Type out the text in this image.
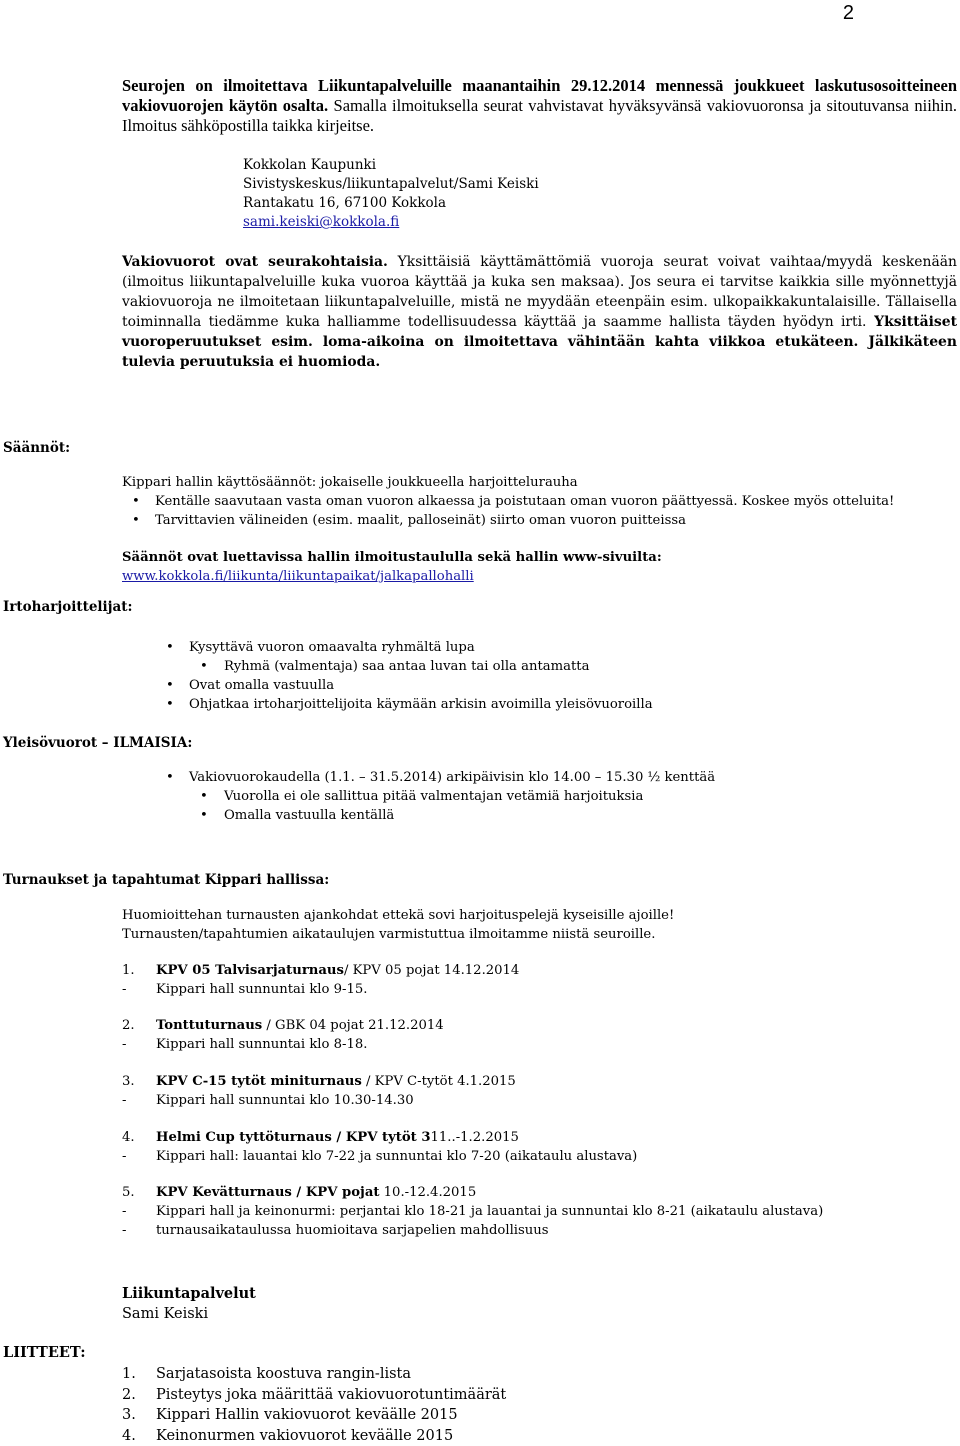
2

Seurojen on ilmoitettava Liikuntapalveluille maanantaihin 29.12.2014 mennessä joukkueet laskutusosoitteineen vakiovuorojen käytön osalta. Samalla ilmoituksella seurat vahvistavat hyväksyvänsä vakiovuoronsa ja sitoutuvansa niihin. Ilmoitus sähköpostilla taikka kirjeitse.

Kokkolan Kaupunki
Sivistyskeskus/liikuntapalvelut/Sami Keiski
Rantakatu 16, 67100 Kokkola
sami.keiski@kokkola.fi

Vakiovuorot ovat seurakohtaisia. Yksittäisiä käyttämättömiä vuoroja seurat voivat vaihtaa/myydä keskenään (ilmoitus liikuntapalveluille kuka vuoroa käyttää ja kuka sen maksaa). Jos seura ei tarvitse kaikkia sille myönnettyjä vakiovuoroja ne ilmoitetaan liikuntapalveluille, mistä ne myydään eteenpäin esim. ulkopaikkakuntalaisille. Tällaisella toiminnalla tiedämme kuka halliamme todellisuudessa käyttää ja saamme hallista täyden hyödyn irti. Yksittäiset vuoroperuutukset esim. loma-aikoina on ilmoitettava vähintään kahta viikkoa etukäteen. Jälkikäteen tulevia peruutuksia ei huomioda.

Säännöt:
Kippari hallin käyttösäännöt: jokaiselle joukkueella harjoittelurauha
• Kentälle saavutaan vasta oman vuoron alkaessa ja poistutaan oman vuoron päättyessä. Koskee myös otteluita!
• Tarvittavien välineiden (esim. maalit, palloseinät) siirto oman vuoron puitteissa
Säännöt ovat luettavissa hallin ilmoitustaululla sekä hallin www-sivuilta:
www.kokkola.fi/liikunta/liikuntapaikat/jalkapallohalli
Irtoharjoittelijat:
• Kysyttävä vuoron omaavalta ryhmältä lupa
• Ryhmä (valmentaja) saa antaa luvan tai olla antamatta
• Ovat omalla vastuulla
• Ohjatkaa irtoharjoittelijoita käymään arkisin avoimilla yleisövuoroilla
Yleisövuorot – ILMAISIA:
• Vakiovuorokaudella (1.1. – 31.5.2014) arkipäivisin klo 14.00 – 15.30 ½ kenttää
• Vuorolla ei ole sallittua pitää valmentajan vetämiä harjoituksia
• Omalla vastuulla kentällä
Turnaukset ja tapahtumat Kippari hallissa:
Huomioittehan turnausten ajankohdat ettekä sovi harjoituspelejä kyseisille ajoille!
Turnausten/tapahtumien aikataulujen varmistuttua ilmoitamme niistä seuroille.
1. KPV 05 Talvisarjaturnaus/ KPV 05 pojat 14.12.2014
- Kippari hall sunnuntai klo 9-15.
2. Tonttuturnaus / GBK 04 pojat 21.12.2014
- Kippari hall sunnuntai klo 8-18.
3. KPV C-15 tytöt miniturnaus / KPV C-tytöt 4.1.2015
- Kippari hall sunnuntai klo 10.30-14.30
4. Helmi Cup tyttöturnaus / KPV tytöt 311..-1.2.2015
- Kippari hall: lauantai klo 7-22 ja sunnuntai klo 7-20 (aikataulu alustava)
5. KPV Kevätturnaus / KPV pojat 10.-12.4.2015
- Kippari hall ja keinonurmi: perjantai klo 18-21 ja lauantai ja sunnuntai klo 8-21 (aikataulu alustava)
- turnausaikataulussa huomioitava sarjapelien mahdollisuus
Liikuntapalvelut
Sami Keiski
LIITTEET:
1. Sarjatasoista koostuva rangin-lista
2. Pisteytys joka määrittää vakiovuorotuntimäärät
3. Kippari Hallin vakiovuorot keväälle 2015
4. Keinonurmen vakiovuorot keväälle 2015
